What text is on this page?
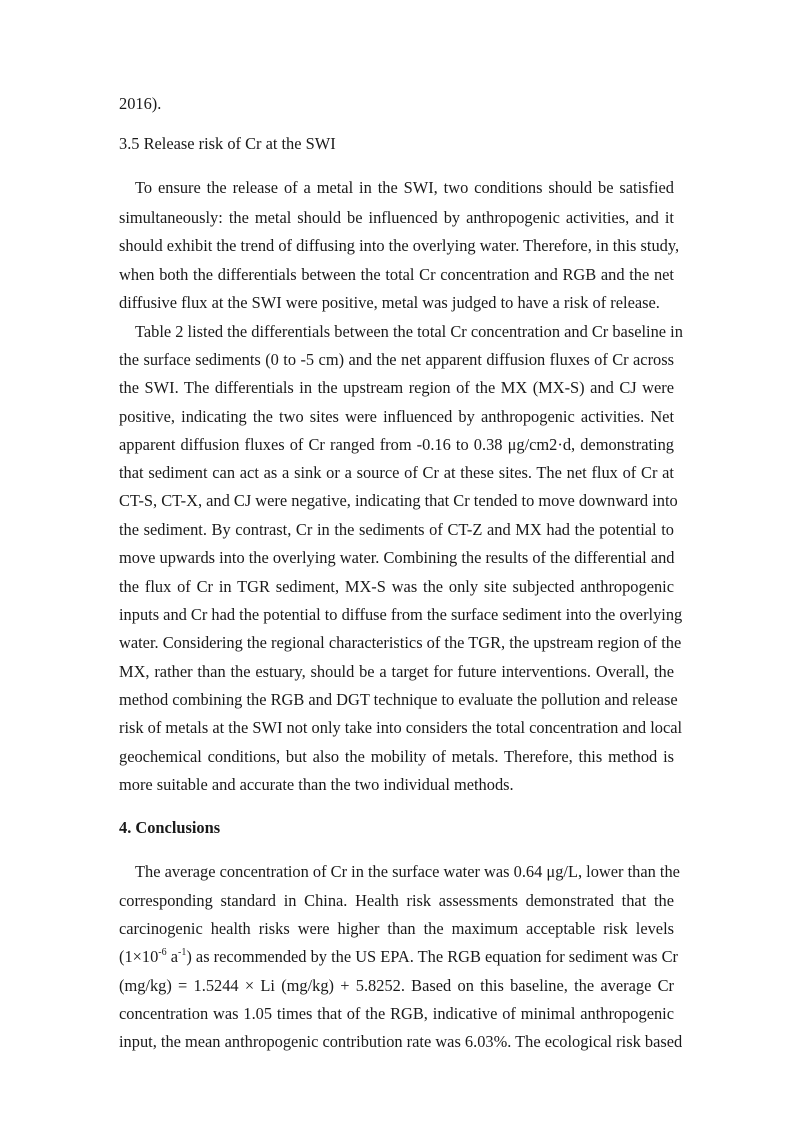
2016).
3.5 Release risk of Cr at the SWI
To ensure the release of a metal in the SWI, two conditions should be satisfied
simultaneously: the metal should be influenced by anthropogenic activities, and it
should exhibit the trend of diffusing into the overlying water. Therefore, in this study,
when both the differentials between the total Cr concentration and RGB and the net
diffusive flux at the SWI were positive, metal was judged to have a risk of release.
Table 2 listed the differentials between the total Cr concentration and Cr baseline in
the surface sediments (0 to -5 cm) and the net apparent diffusion fluxes of Cr across
the SWI. The differentials in the upstream region of the MX (MX-S) and CJ were
positive, indicating the two sites were influenced by anthropogenic activities. Net
apparent diffusion fluxes of Cr ranged from -0.16 to 0.38 μg/cm2·d, demonstrating
that sediment can act as a sink or a source of Cr at these sites. The net flux of Cr at
CT-S, CT-X, and CJ were negative, indicating that Cr tended to move downward into
the sediment. By contrast, Cr in the sediments of CT-Z and MX had the potential to
move upwards into the overlying water. Combining the results of the differential and
the flux of Cr in TGR sediment, MX-S was the only site subjected anthropogenic
inputs and Cr had the potential to diffuse from the surface sediment into the overlying
water. Considering the regional characteristics of the TGR, the upstream region of the
MX, rather than the estuary, should be a target for future interventions. Overall, the
method combining the RGB and DGT technique to evaluate the pollution and release
risk of metals at the SWI not only take into considers the total concentration and local
geochemical conditions, but also the mobility of metals. Therefore, this method is
more suitable and accurate than the two individual methods.
4. Conclusions
The average concentration of Cr in the surface water was 0.64 μg/L, lower than the
corresponding standard in China. Health risk assessments demonstrated that the
carcinogenic health risks were higher than the maximum acceptable risk levels
($1\times 10^{-6}$ $a^{-1}$) as recommended by the US EPA. The RGB equation for sediment was Cr
(mg/kg) = 1.5244 × Li (mg/kg) + 5.8252. Based on this baseline, the average Cr
concentration was 1.05 times that of the RGB, indicative of minimal anthropogenic
input, the mean anthropogenic contribution rate was 6.03%. The ecological risk based
